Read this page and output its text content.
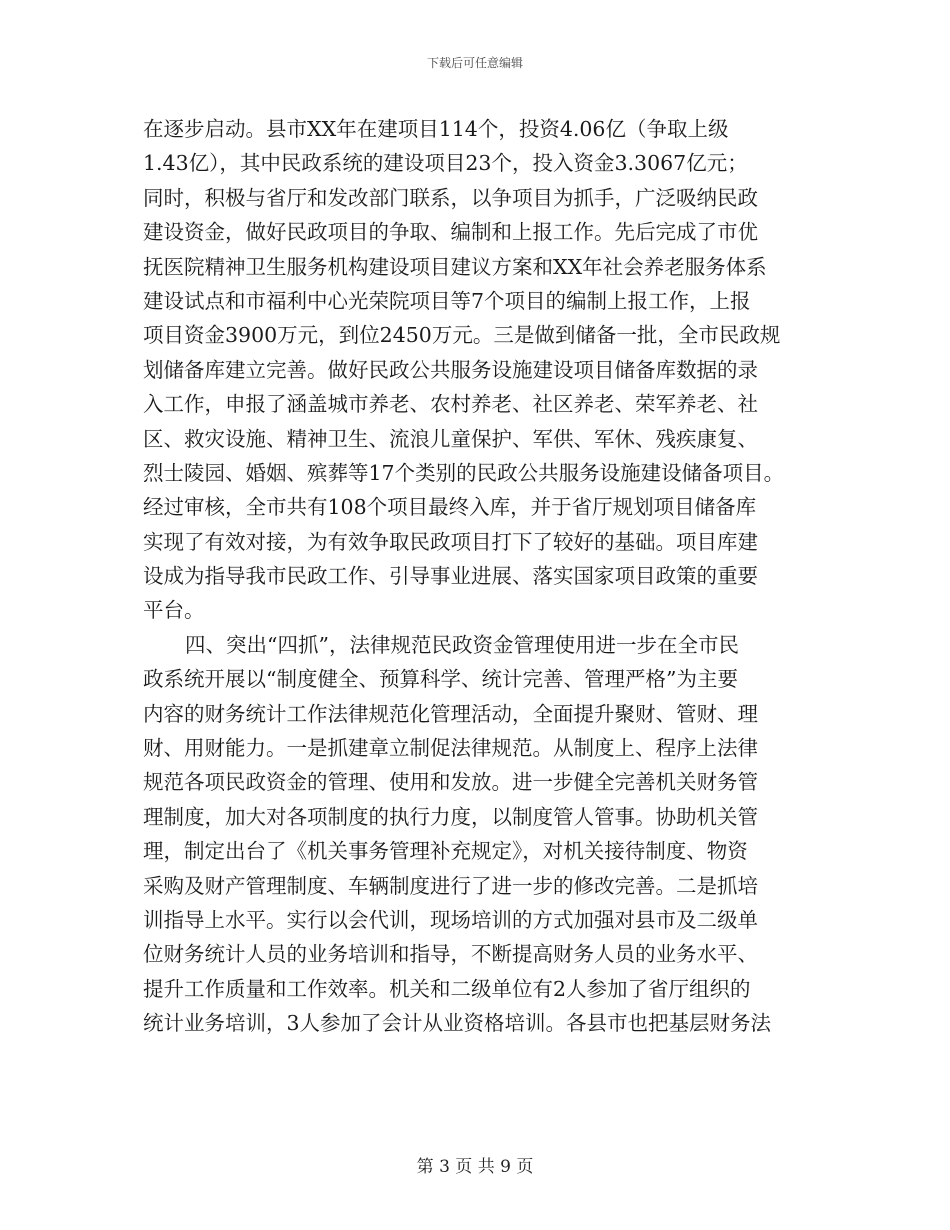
下载后可任意编辑
在逐步启动。县市XX年在建项目114个，投资4.06亿（争取上级
1.43亿），其中民政系统的建设项目23个，投入资金3.3067亿元；
同时，积极与省厅和发改部门联系，以争项目为抓手，广泛吸纳民政
建设资金，做好民政项目的争取、编制和上报工作。先后完成了市优
抚医院精神卫生服务机构建设项目建议方案和XX年社会养老服务体系
建设试点和市福利中心光荣院项目等7个项目的编制上报工作，上报
项目资金3900万元，到位2450万元。三是做到储备一批，全市民政规
划储备库建立完善。做好民政公共服务设施建设项目储备库数据的录
入工作，申报了涵盖城市养老、农村养老、社区养老、荣军养老、社
区、救灾设施、精神卫生、流浪儿童保护、军供、军休、残疾康复、
烈士陵园、婚姻、殡葬等17个类别的民政公共服务设施建设储备项目。
经过审核，全市共有108个项目最终入库，并于省厅规划项目储备库
实现了有效对接，为有效争取民政项目打下了较好的基础。项目库建
设成为指导我市民政工作、引导事业进展、落实国家项目政策的重要
平台。
四、突出“四抓”，法律规范民政资金管理使用进一步在全市民
政系统开展以“制度健全、预算科学、统计完善、管理严格”为主要
内容的财务统计工作法律规范化管理活动，全面提升聚财、管财、理
财、用财能力。一是抓建章立制促法律规范。从制度上、程序上法律
规范各项民政资金的管理、使用和发放。进一步健全完善机关财务管
理制度，加大对各项制度的执行力度，以制度管人管事。协助机关管
理，制定出台了《机关事务管理补充规定》，对机关接待制度、物资
采购及财产管理制度、车辆制度进行了进一步的修改完善。二是抓培
训指导上水平。实行以会代训，现场培训的方式加强对县市及二级单
位财务统计人员的业务培训和指导，不断提高财务人员的业务水平、
提升工作质量和工作效率。机关和二级单位有2人参加了省厅组织的
统计业务培训，3人参加了会计从业资格培训。各县市也把基层财务法
第 3 页 共 9 页
